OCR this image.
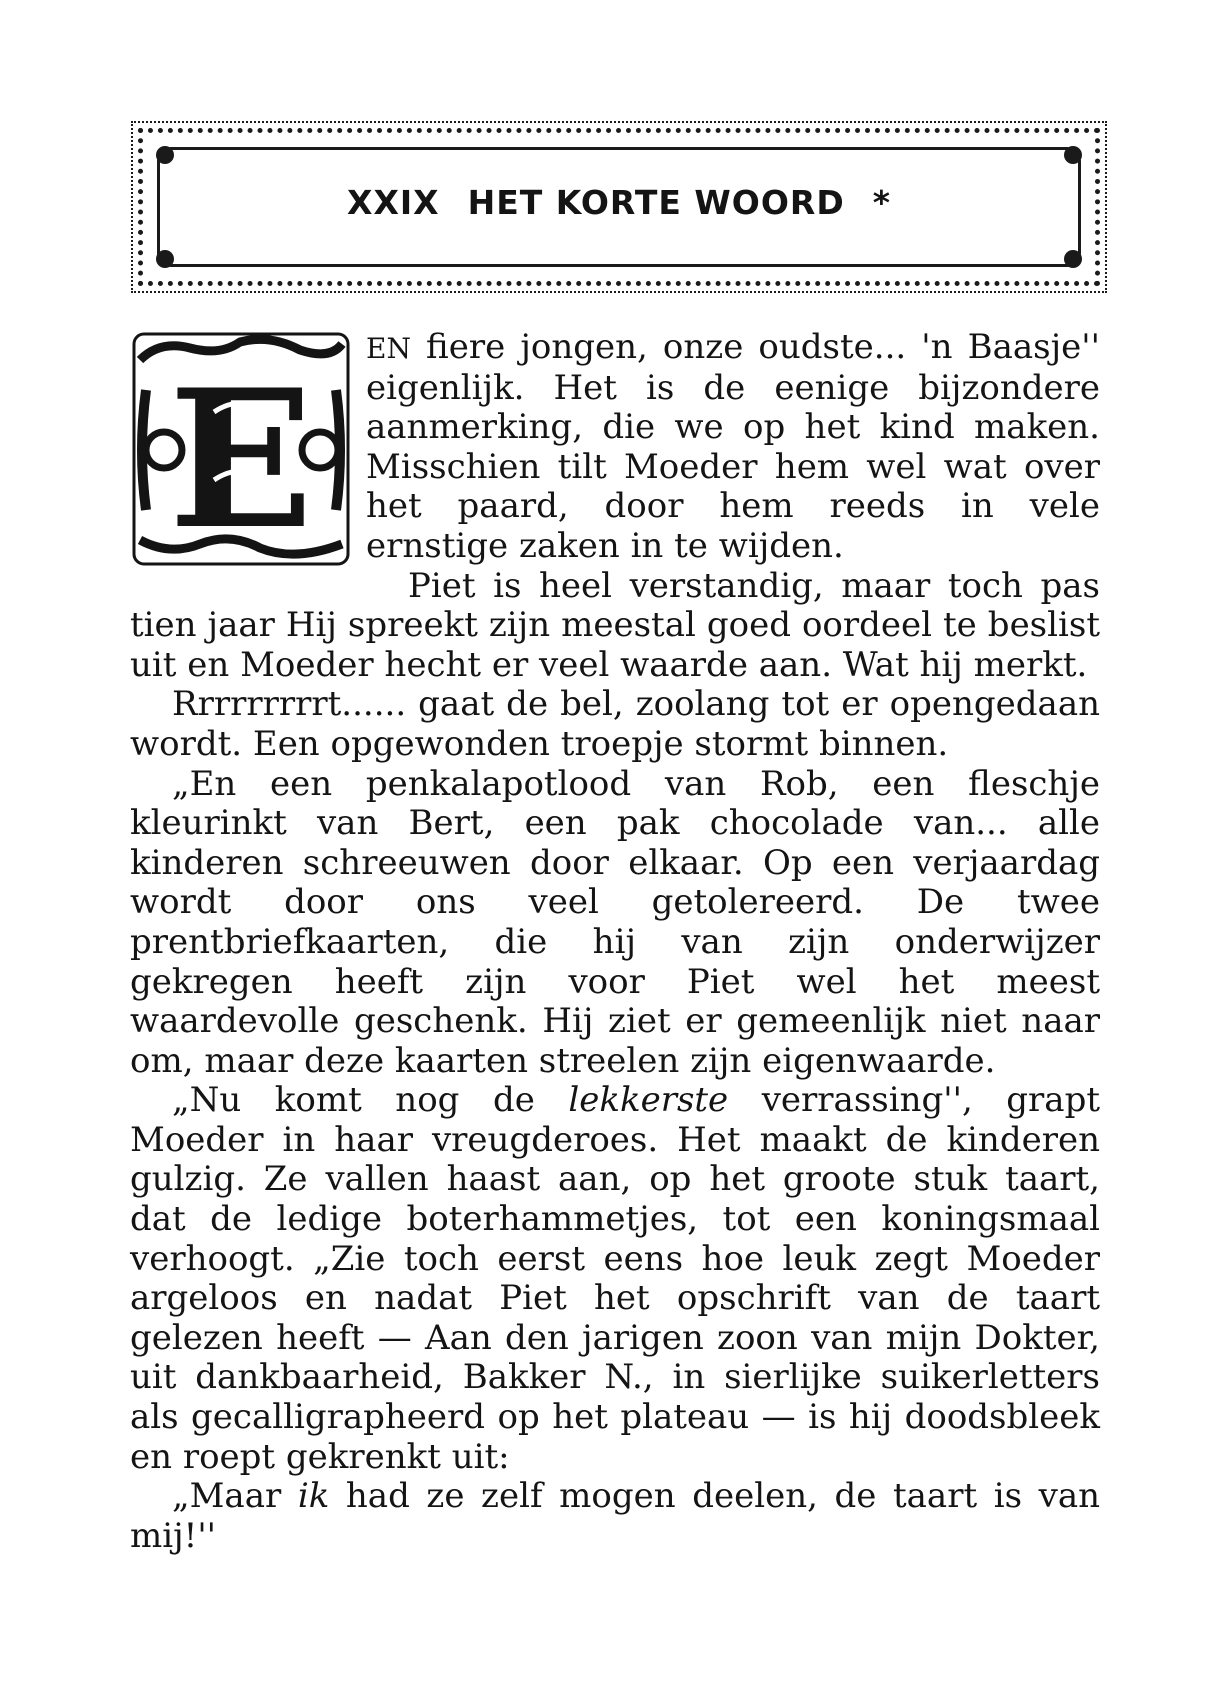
XXIX HET KORTE WOORD *
E	EN fiere jongen, onze oudste... 'n Baasje'' eigenlijk. Het is de eenige bijzondere aanmerking, die we op het kind maken. Misschien tilt Moeder hem wel wat over het paard, door hem reeds in vele ernstige zaken in te wijden.

Piet is heel verstandig, maar toch pas tien jaar Hij spreekt zijn meestal goed oordeel te beslist uit en Moeder hecht er veel waarde aan. Wat hij merkt.

Rrrrrrrrrt...... gaat de bel, zoolang tot er opengedaan wordt. Een opgewonden troepje stormt binnen.

„En een penkalapotlood van Rob, een fleschje kleurinkt van Bert, een pak chocolade van... alle kinderen schreeuwen door elkaar. Op een verjaardag wordt door ons veel getolereerd. De twee prentbriefkaarten, die hij van zijn onderwijzer gekregen heeft zijn voor Piet wel het meest waardevolle geschenk. Hij ziet er gemeenlijk niet naar om, maar deze kaarten streelen zijn eigenwaarde.

„Nu komt nog de lekkerste verrassing'', grapt Moeder in haar vreugderoes. Het maakt de kinderen gulzig. Ze vallen haast aan, op het groote stuk taart, dat de ledige boterhammetjes, tot een koningsmaal verhoogt. „Zie toch eerst eens hoe leuk zegt Moeder argeloos en nadat Piet het opschrift van de taart gelezen heeft — Aan den jarigen zoon van mijn Dokter, uit dankbaarheid, Bakker N., in sierlijke suikerletters als gecalligrapheerd op het plateau — is hij doodsbleek en roept gekrenkt uit:

„Maar ik had ze zelf mogen deelen, de taart is van mij!''
